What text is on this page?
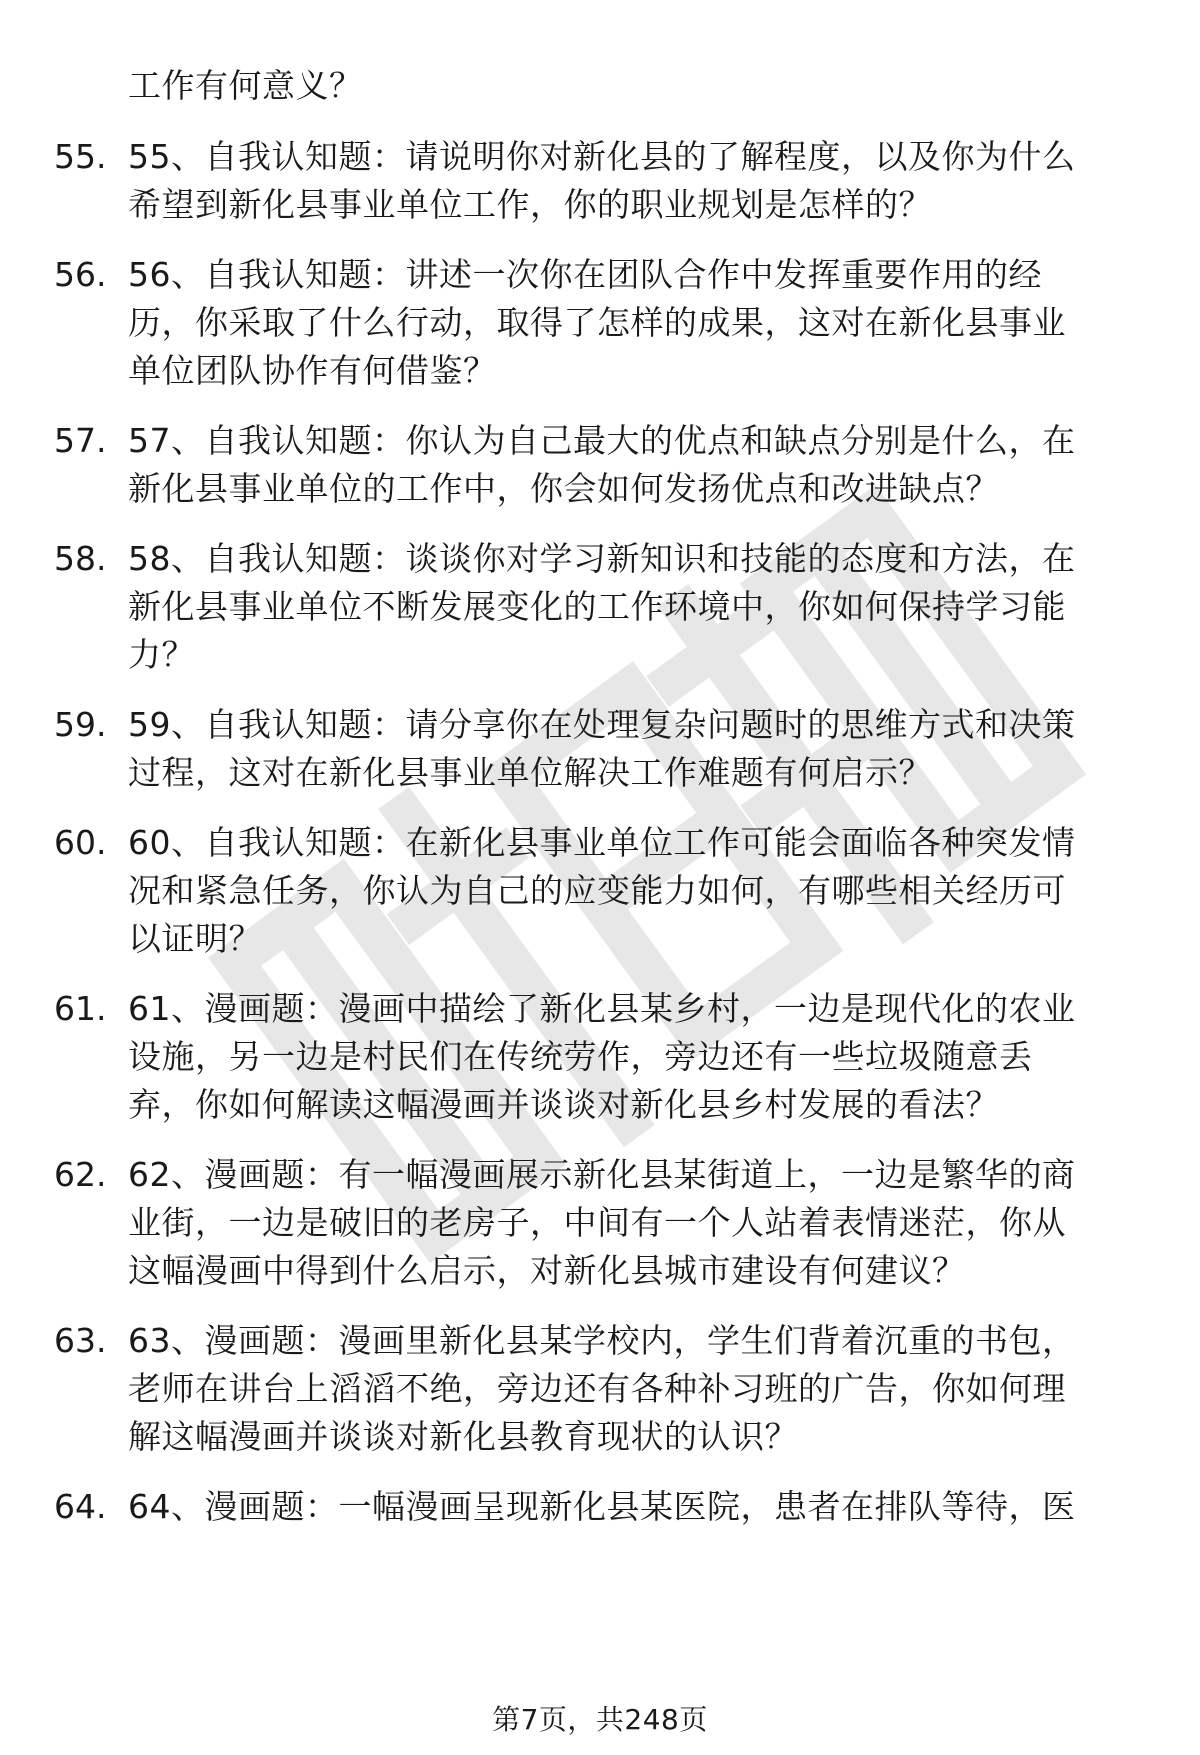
工作有何意义？
55. 55、自我认知题：请说明你对新化县的了解程度，以及你为什么
希望到新化县事业单位工作，你的职业规划是怎样的？
56. 56、自我认知题：讲述一次你在团队合作中发挥重要作用的经
历，你采取了什么行动，取得了怎样的成果，这对在新化县事业
单位团队协作有何借鉴？
57. 57、自我认知题：你认为自己最大的优点和缺点分别是什么，在
新化县事业单位的工作中，你会如何发扬优点和改进缺点？
58. 58、自我认知题：谈谈你对学习新知识和技能的态度和方法，在
新化县事业单位不断发展变化的工作环境中，你如何保持学习能
力？
59. 59、自我认知题：请分享你在处理复杂问题时的思维方式和决策
过程，这对在新化县事业单位解决工作难题有何启示？
60. 60、自我认知题：在新化县事业单位工作可能会面临各种突发情
况和紧急任务，你认为自己的应变能力如何，有哪些相关经历可
以证明？
61. 61、漫画题：漫画中描绘了新化县某乡村，一边是现代化的农业
设施，另一边是村民们在传统劳作，旁边还有一些垃圾随意丢
弃，你如何解读这幅漫画并谈谈对新化县乡村发展的看法？
62. 62、漫画题：有一幅漫画展示新化县某街道上，一边是繁华的商
业街，一边是破旧的老房子，中间有一个人站着表情迷茫，你从
这幅漫画中得到什么启示，对新化县城市建设有何建议？
63. 63、漫画题：漫画里新化县某学校内，学生们背着沉重的书包，
老师在讲台上滔滔不绝，旁边还有各种补习班的广告，你如何理
解这幅漫画并谈谈对新化县教育现状的认识？
64. 64、漫画题：一幅漫画呈现新化县某医院，患者在排队等待，医
第7页，共248页
